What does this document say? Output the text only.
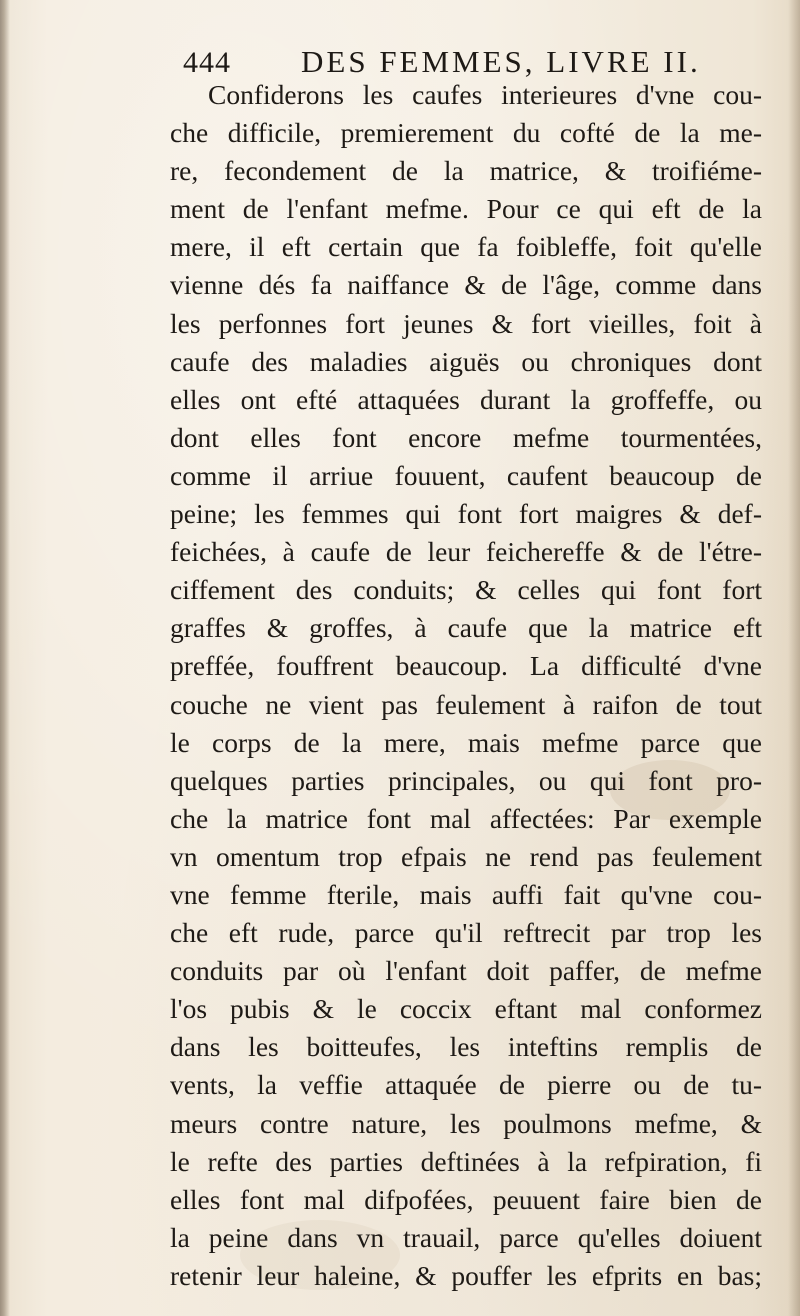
444 DES FEMMES, LIVRE II.
Confiderons les caufes interieures d'vne cou-
che difficile, premierement du cofté de la me-
re, fecondement de la matrice, & troifiéme-
ment de l'enfant mefme. Pour ce qui eft de la
mere, il eft certain que fa foibleffe, foit qu'elle
vienne dés fa naiffance & de l'âge, comme dans
les perfonnes fort jeunes & fort vieilles, foit à
caufe des maladies aiguës ou chroniques dont
elles ont efté attaquées durant la groffeffe, ou
dont elles font encore mefme tourmentées,
comme il arriue fouuent, caufent beaucoup de
peine; les femmes qui font fort maigres & def-
feichées, à caufe de leur feichereffe & de l'étre-
ciffement des conduits; & celles qui font fort
graffes & groffes, à caufe que la matrice eft
preffée, fouffrent beaucoup. La difficulté d'vne
couche ne vient pas feulement à raifon de tout
le corps de la mere, mais mefme parce que
quelques parties principales, ou qui font pro-
che la matrice font mal affectées: Par exemple
vn omentum trop efpais ne rend pas feulement
vne femme fterile, mais auffi fait qu'vne cou-
che eft rude, parce qu'il reftrecit par trop les
conduits par où l'enfant doit paffer, de mefme
l'os pubis & le coccix eftant mal conformez
dans les boitteufes, les inteftins remplis de
vents, la veffie attaquée de pierre ou de tu-
meurs contre nature, les poulmons mefme, &
le refte des parties deftinées à la refpiration, fi
elles font mal difpofées, peuuent faire bien de
la peine dans vn trauail, parce qu'elles doiuent
retenir leur haleine, & pouffer les efprits en bas;
